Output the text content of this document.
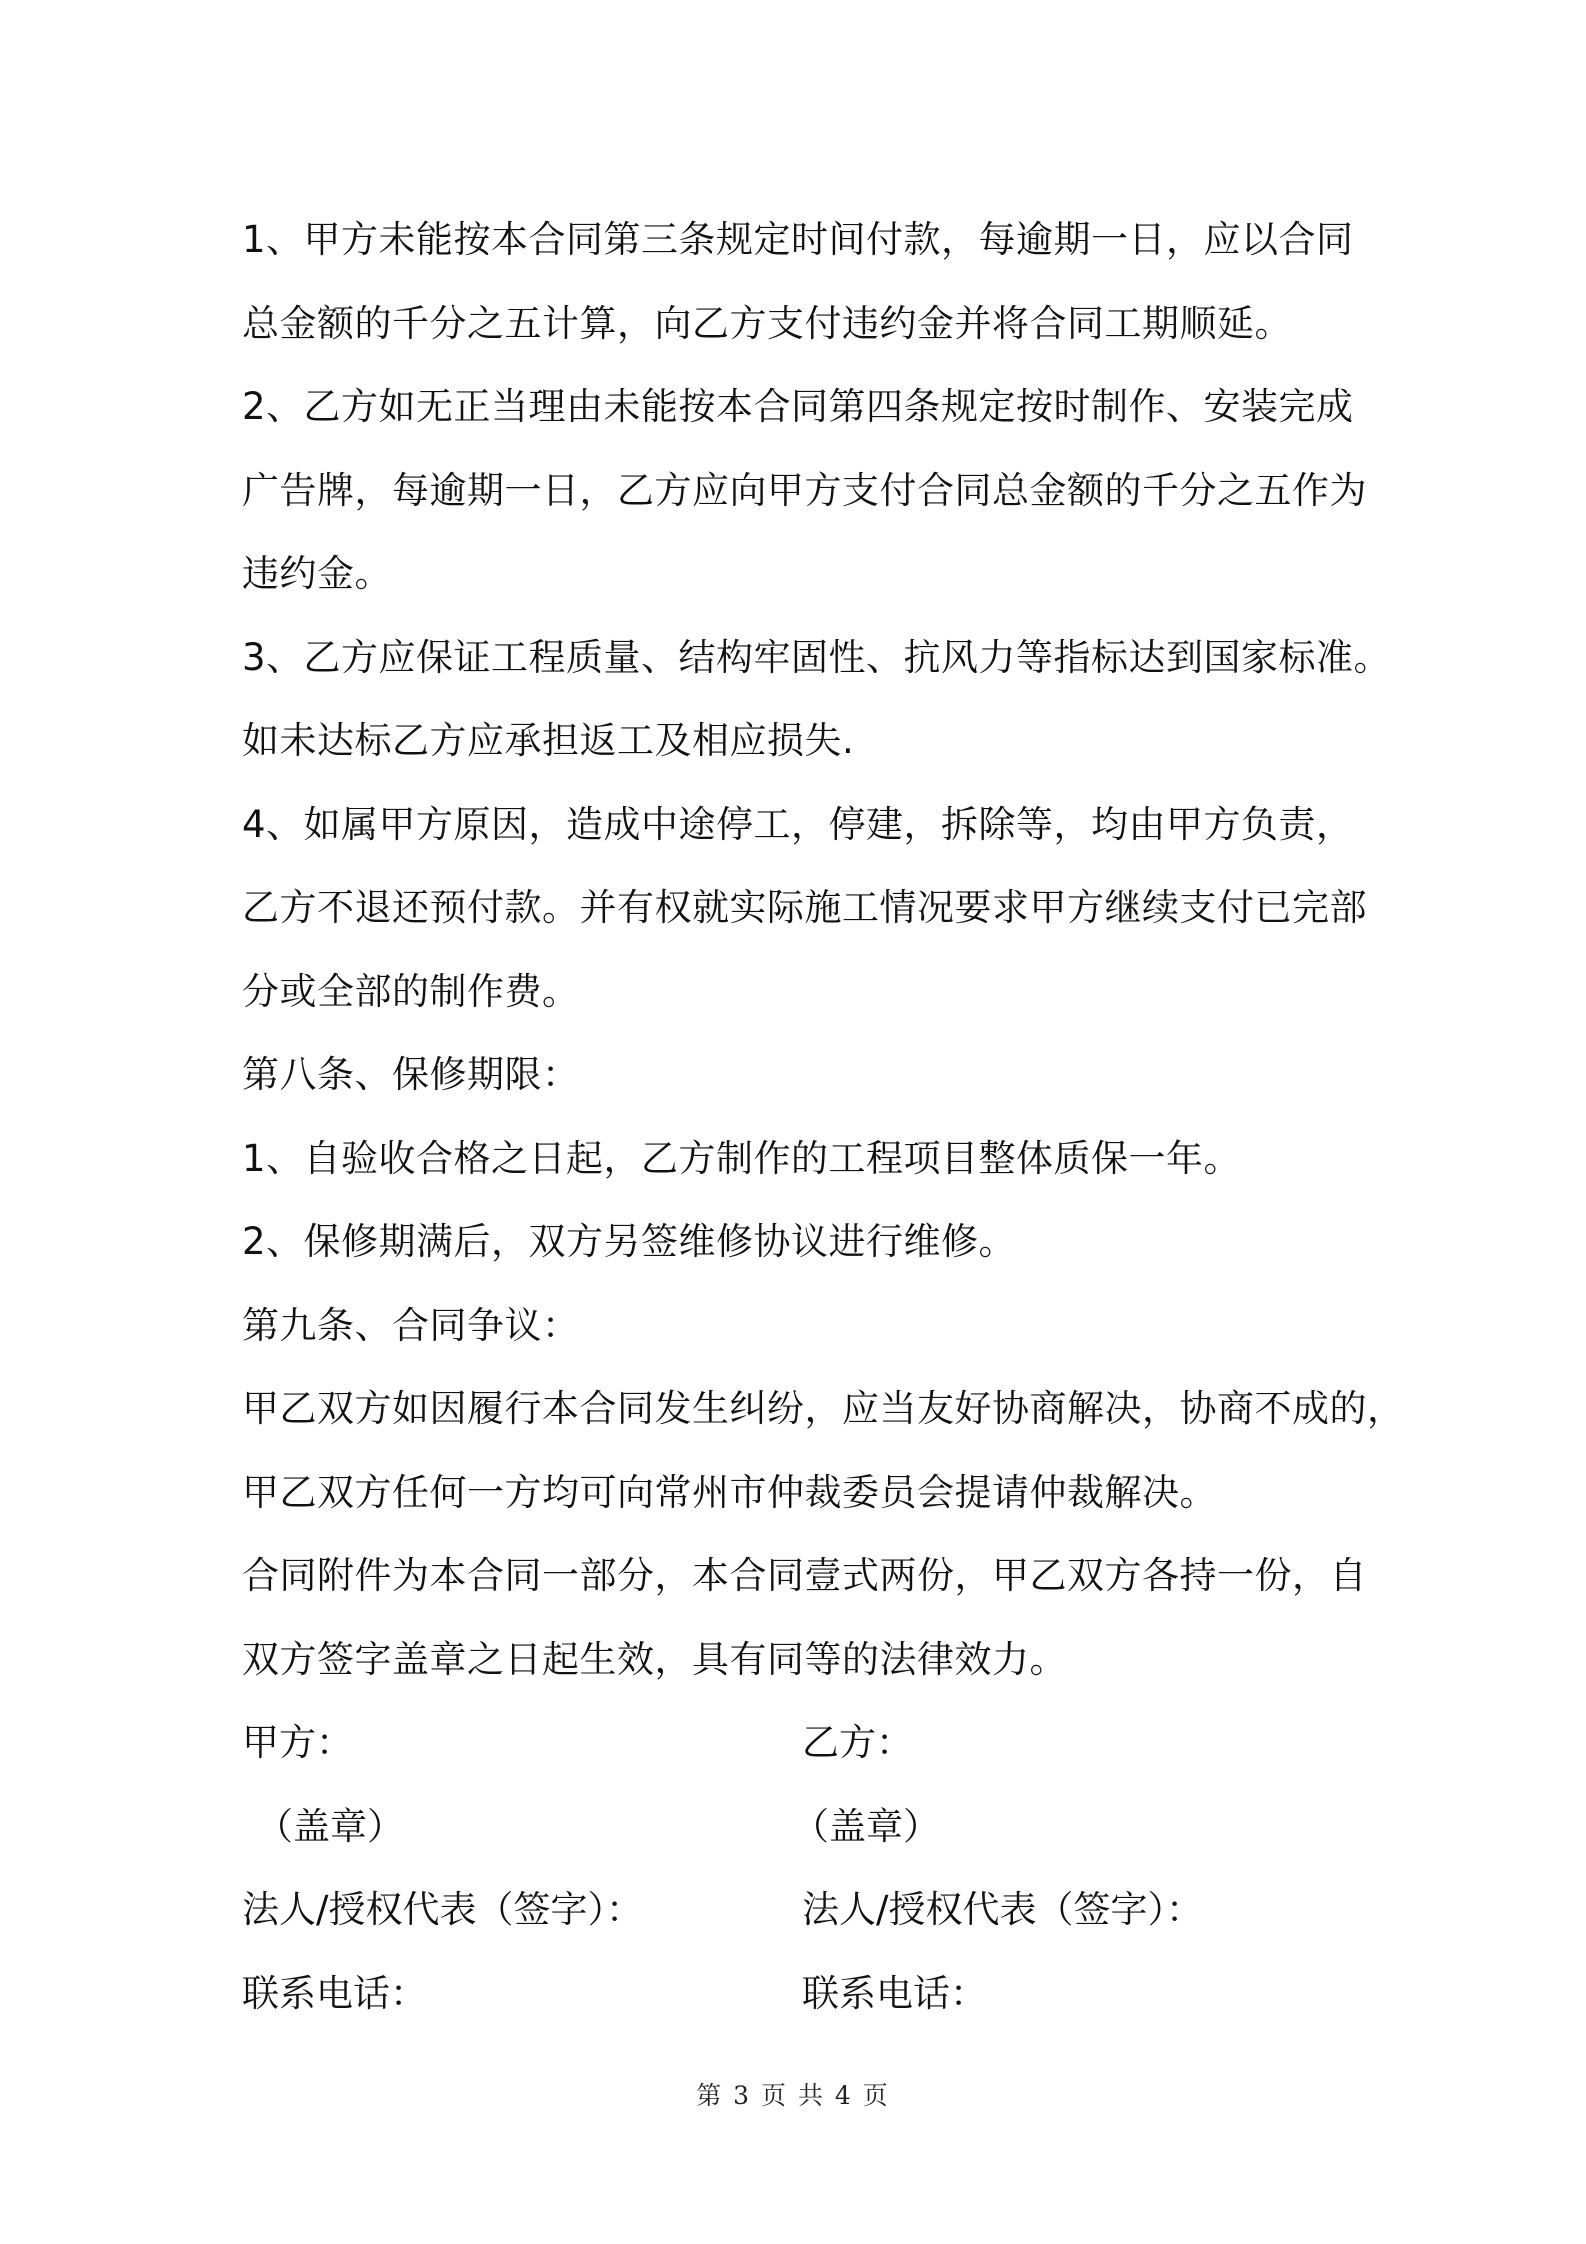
1、甲方未能按本合同第三条规定时间付款，每逾期一日，应以合同
总金额的千分之五计算，向乙方支付违约金并将合同工期顺延。
2、乙方如无正当理由未能按本合同第四条规定按时制作、安装完成
广告牌，每逾期一日，乙方应向甲方支付合同总金额的千分之五作为
违约金。
3、乙方应保证工程质量、结构牢固性、抗风力等指标达到国家标准。
如未达标乙方应承担返工及相应损失.
4、如属甲方原因，造成中途停工，停建，拆除等，均由甲方负责，
乙方不退还预付款。并有权就实际施工情况要求甲方继续支付已完部
分或全部的制作费。
第八条、保修期限：
1、自验收合格之日起，乙方制作的工程项目整体质保一年。
2、保修期满后，双方另签维修协议进行维修。
第九条、合同争议：
甲乙双方如因履行本合同发生纠纷，应当友好协商解决，协商不成的，
甲乙双方任何一方均可向常州市仲裁委员会提请仲裁解决。
合同附件为本合同一部分，本合同壹式两份，甲乙双方各持一份，自
双方签字盖章之日起生效，具有同等的法律效力。
甲方：	乙方：
（盖章）	（盖章）
法人/授权代表（签字）：	法人/授权代表（签字）：
联系电话：	联系电话：
第 3 页 共 4 页
